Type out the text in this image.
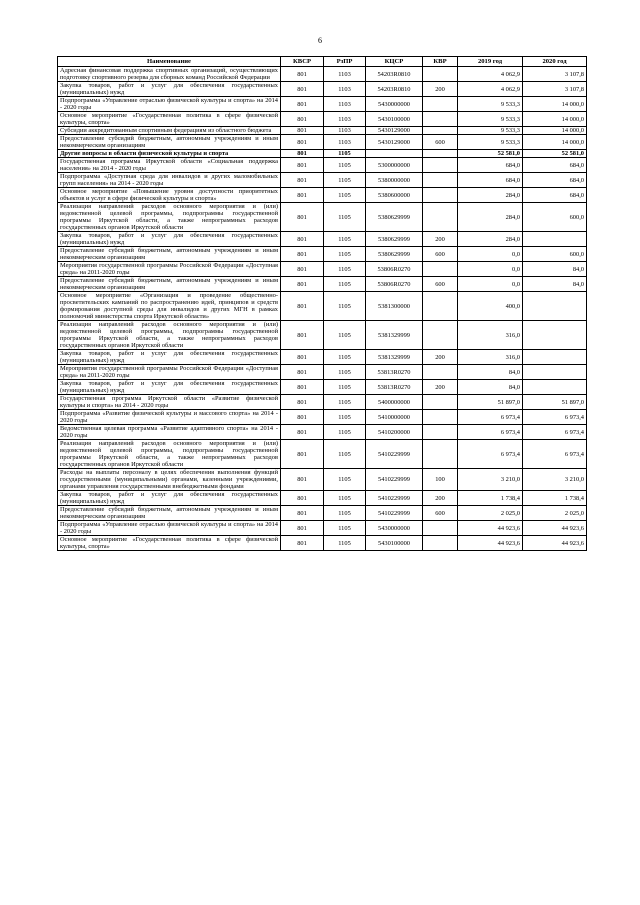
6
Наименование	КВСР	РзПР	КЦСР	КВР	2019 год	2020 год
Адресная финансовая поддержка спортивных организаций, осуществляющих подготовку спортивного резерва для сборных команд Российской Федерации	801	1103	54203R0810		4 062,9	3 107,8
Закупка товаров, работ и услуг для обеспечения государственных (муниципальных) нужд	801	1103	54203R0810	200	4 062,9	3 107,8
Подпрограмма «Управление отраслью физической культуры и спорта» на 2014 - 2020 годы	801	1103	5430000000		9 533,3	14 000,0
Основное мероприятие «Государственная политика в сфере физической культуры, спорта»	801	1103	5430100000		9 533,3	14 000,0
Субсидии аккредитованным спортивным федерациям из областного бюджета	801	1103	5430129000		9 533,3	14 000,0
Предоставление субсидий бюджетным, автономным учреждениям и иным некоммерческим организациям	801	1103	5430129000	600	9 533,3	14 000,0
Другие вопросы в области физической культуры и спорта	801	1105			52 581,0	52 581,0
Государственная программа Иркутской области «Социальная поддержка населения» на 2014 - 2020 годы	801	1105	5300000000		684,0	684,0
Подпрограмма «Доступная среда для инвалидов и других маломобильных групп населения» на 2014 - 2020 годы	801	1105	5380000000		684,0	684,0
Основное мероприятие «Повышение уровня доступности приоритетных объектов и услуг в сфере физической культуры и спорта»	801	1105	5380600000		284,0	684,0
Реализация направлений расходов основного мероприятия и (или) ведомственной целевой программы, подпрограммы государственной программы Иркутской области, а также непрограммных расходов государственных органов Иркутской области	801	1105	5380629999		284,0	600,0
Закупка товаров, работ и услуг для обеспечения государственных (муниципальных) нужд	801	1105	5380629999	200	284,0	
Предоставление субсидий бюджетным, автономным учреждениям и иным некоммерческим организациям	801	1105	5380629999	600	0,0	600,0
Мероприятия государственной программы Российской Федерации «Доступная среда» на 2011-2020 годы	801	1105	53806R0270		0,0	84,0
Предоставление субсидий бюджетным, автономным учреждениям и иным некоммерческим организациям	801	1105	53806R0270	600	0,0	84,0
Основное мероприятие «Организация и проведение общественно-просветительских кампаний по распространению идей, принципов и средств формирования доступной среды для инвалидов и других МГН в рамках полномочий министерства спорта Иркутской области»	801	1105	5381300000		400,0	
Реализация направлений расходов основного мероприятия и (или) ведомственной целевой программы, подпрограммы государственной программы Иркутской области, а также непрограммных расходов государственных органов Иркутской области	801	1105	5381329999		316,0	
Закупка товаров, работ и услуг для обеспечения государственных (муниципальных) нужд	801	1105	5381329999	200	316,0	
Мероприятия государственной программы Российской Федерации «Доступная среда» на 2011-2020 годы	801	1105	53813R0270		84,0	
Закупка товаров, работ и услуг для обеспечения государственных (муниципальных) нужд	801	1105	53813R0270	200	84,0	
Государственная программа Иркутской области «Развитие физической культуры и спорта» на 2014 - 2020 годы	801	1105	5400000000		51 897,0	51 897,0
Подпрограмма «Развитие физической культуры и массового спорта» на 2014 - 2020 годы	801	1105	5410000000		6 973,4	6 973,4
Ведомственная целевая программа «Развитие адаптивного спорта» на 2014 - 2020 годы	801	1105	5410200000		6 973,4	6 973,4
Реализация направлений расходов основного мероприятия и (или) ведомственной целевой программы, подпрограммы государственной программы Иркутской области, а также непрограммных расходов государственных органов Иркутской области	801	1105	5410229999		6 973,4	6 973,4
Расходы на выплаты персоналу в целях обеспечения выполнения функций государственными (муниципальными) органами, казенными учреждениями, органами управления государственными внебюджетными фондами	801	1105	5410229999	100	3 210,0	3 210,0
Закупка товаров, работ и услуг для обеспечения государственных (муниципальных) нужд	801	1105	5410229999	200	1 738,4	1 738,4
Предоставление субсидий бюджетным, автономным учреждениям и иным некоммерческим организациям	801	1105	5410229999	600	2 025,0	2 025,0
Подпрограмма «Управление отраслью физической культуры и спорта» на 2014 - 2020 годы	801	1105	5430000000		44 923,6	44 923,6
Основное мероприятие «Государственная политика в сфере физической культуры, спорта»	801	1105	5430100000		44 923,6	44 923,6
